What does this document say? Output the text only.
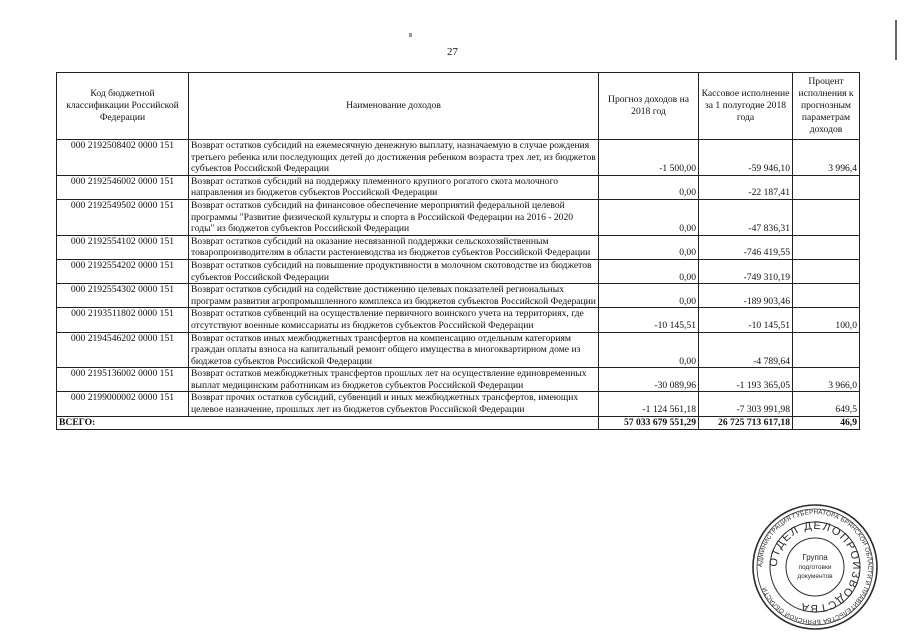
27
Код бюджетной классификации Российской Федерации	Наименование доходов	Прогноз доходов на 2018 год	Кассовое исполнение за 1 полугодие 2018 года	Процент исполнения к прогнозным параметрам доходов
000 2192508402 0000 151	Возврат остатков субсидий на ежемесячную денежную выплату, назначаемую в случае рождения третьего ребенка или последующих детей до достижения ребенком возраста трех лет, из бюджетов субъектов Российской Федерации	-1 500,00	-59 946,10	3 996,4
000 2192546002 0000 151	Возврат остатков субсидий на поддержку племенного крупного рогатого скота молочного направления из бюджетов субъектов Российской Федерации	0,00	-22 187,41	
000 2192549502 0000 151	Возврат остатков субсидий на финансовое обеспечение мероприятий федеральной целевой программы "Развитие физической культуры и спорта в Российской Федерации на 2016 - 2020 годы" из бюджетов субъектов Российской Федерации	0,00	-47 836,31	
000 2192554102 0000 151	Возврат остатков субсидий на оказание несвязанной поддержки сельскохозяйственным товаропроизводителям в области растениеводства из бюджетов субъектов Российской Федерации	0,00	-746 419,55	
000 2192554202 0000 151	Возврат остатков субсидий на повышение продуктивности в молочном скотоводстве из бюджетов субъектов Российской Федерации	0,00	-749 310,19	
000 2192554302 0000 151	Возврат остатков субсидий на содействие достижению целевых показателей региональных программ развития агропромышленного комплекса из бюджетов субъектов Российской Федерации	0,00	-189 903,46	
000 2193511802 0000 151	Возврат остатков субвенций на осуществление первичного воинского учета на территориях, где отсутствуют военные комиссариаты из бюджетов субъектов Российской Федерации	-10 145,51	-10 145,51	100,0
000 2194546202 0000 151	Возврат остатков иных межбюджетных трансфертов на компенсацию отдельным категориям граждан оплаты взноса на капитальный ремонт общего имущества в многоквартирном доме из бюджетов субъектов Российской Федерации	0,00	-4 789,64	
000 2195136002 0000 151	Возврат остатков межбюджетных трансфертов прошлых лет на осуществление единовременных выплат медицинским работникам из бюджетов субъектов Российской Федерации	-30 089,96	-1 193 365,05	3 966,0
000 2199000002 0000 151	Возврат прочих остатков субсидий, субвенций и иных межбюджетных трансфертов, имеющих целевое назначение, прошлых лет из бюджетов субъектов Российской Федерации	-1 124 561,18	-7 303 991,98	649,5
ВСЕГО:		57 033 679 551,29	26 725 713 617,18	46,9
АДМИНИСТРАЦИЯ ГУБЕРНАТОРА БРЯНСКОЙ ОБЛАСТИ И ПРАВИТЕЛЬСТВА БРЯНСКОЙ ОБЛАСТИ
ОТДЕЛ ДЕЛОПРОИЗВОДСТВА
Группа
подготовки
документов
